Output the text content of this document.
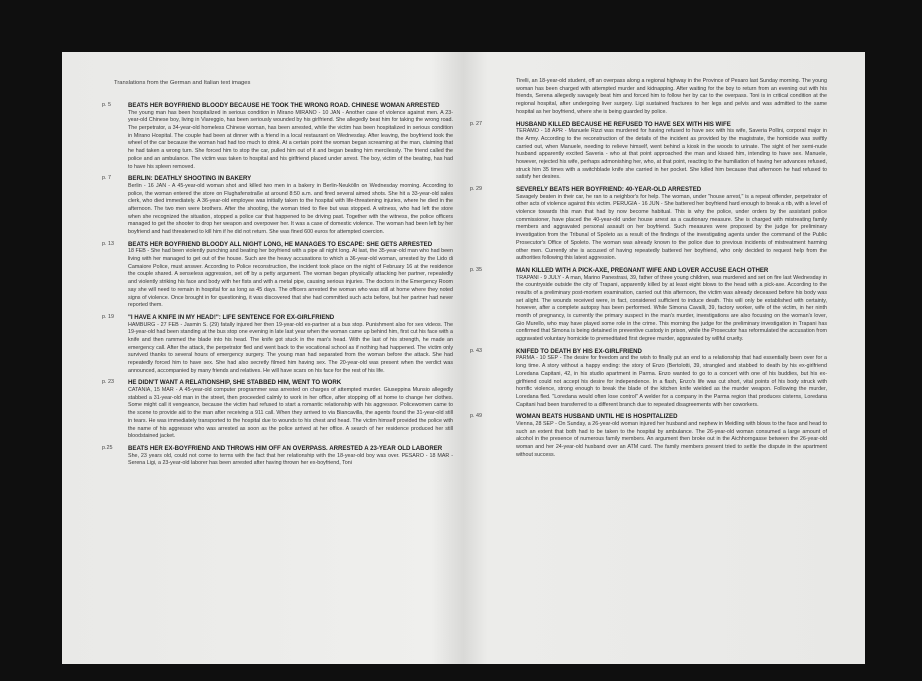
Translations from the German and Italian text images
p. 5	BEATS HER BOYFRIEND BLOODY BECAUSE HE TOOK THE WRONG ROAD. CHINESE WOMAN ARRESTED
The young man has been hospitalized in serious condition in Mirano MIRANO - 10 JAN - Another case of violence against men. A 23-year-old Chinese boy, living in Viareggio, has been seriously wounded by his girlfriend. She allegedly beat him for taking the wrong road. The perpetrator, a 34-year-old homeless Chinese woman, has been arrested, while the victim has been hospitalized in serious condition in Mirano Hospital. The couple had been at dinner with a friend in a local restaurant on Wednesday. After leaving, the boyfriend took the wheel of the car because the woman had had too much to drink. At a certain point the woman began screaming at the man, claiming that he had taken a wrong turn. She forced him to stop the car, pulled him out of it and began beating him mercilessly. The friend called the police and an ambulance. The victim was taken to hospital and his girlfriend placed under arrest. The boy, victim of the beating, has had to have his spleen removed.
p. 7	BERLIN: DEATHLY SHOOTING IN BAKERY
Berlin - 16 JAN - A 45-year-old woman shot and killed two men in a bakery in Berlin-Neukölln on Wednesday morning. According to police, the woman entered the store on Flughafenstraße at around 8:50 a.m. and fired several aimed shots. She hit a 33-year-old sales clerk, who died immediately. A 36-year-old employee was initially taken to the hospital with life-threatening injuries, where he died in the afternoon. The two men were brothers. After the shooting, the woman tried to flee but was stopped. A witness, who had left the store when she recognized the situation, stopped a police car that happened to be driving past. Together with the witness, the police officers managed to get the shooter to drop her weapon and overpower her. It was a case of domestic violence. The woman had been left by her boyfriend and had threatened to kill him if he did not return. She was fined 600 euros for attempted coercion.
p. 13 BEATS HER BOYFRIEND BLOODY ALL NIGHT LONG, HE MANAGES TO ESCAPE: SHE GETS ARRESTED
18 FEB - She had been violently punching and beating her boyfriend with a pipe all night long. At last, the 35-year-old man who had been living with her managed to get out of the house. Such are the heavy accusations to which a 36-year-old woman, arrested by the Lido di Camaiore Police, must answer. According to Police reconstruction, the incident took place on the night of February 16 at the residence the couple shared. A senseless aggression, set off by a petty argument. The woman began physically attacking her partner, repeatedly and violently striking his face and body with her fists and with a metal pipe, causing serious injuries. The doctors in the Emergency Room say she will need to remain in hospital for as long as 45 days. The officers arrested the woman who was still at home where they noted signs of violence. Once brought in for questioning, it was discovered that she had committed such acts before, but her partner had never reported them.
p. 19 "I HAVE A KNIFE IN MY HEAD!": LIFE SENTENCE FOR EX-GIRLFRIEND
HAMBURG - 27 FEB - Jasmin S. (29) fatally injured her then 19-year-old ex-partner at a bus stop. Punishment also for sex videos. The 19-year-old had been standing at the bus stop one evening in late last year when the woman came up behind him, first cut his face with a knife and then rammed the blade into his head. The knife got stuck in the man's head. With the last of his strength, he made an emergency call. After the attack, the perpetrator fled and went back to the vocational school as if nothing had happened. The victim only survived thanks to several hours of emergency surgery. The young man had separated from the woman before the attack. She had repeatedly forced him to have sex. She had also secretly filmed him having sex. The 20-year-old was present when the verdict was announced, accompanied by many friends and relatives. He will have scars on his face for the rest of his life.
p. 23 HE DIDN'T WANT A RELATIONSHIP, SHE STABBED HIM, WENT TO WORK
CATANIA, 15 MAR - A 45-year-old computer programmer was arrested on charges of attempted murder. Giuseppina Munsio allegedly stabbed a 31-year-old man in the street, then proceeded calmly to work in her office, after stopping off at home to change her clothes. Some might call it vengeance, because the victim had refused to start a romantic relationship with his aggressor. Policewomen came to the scene to provide aid to the man after receiving a 911 call. When they arrived to via Biancavilla, the agents found the 31-year-old still in tears. He was immediately transported to the hospital due to wounds to his chest and head. The victim himself provided the police with the name of his aggressor who was arrested as soon as the police arrived at her office. A search of her residence produced her still bloodstained jacket.
p.25	BEATS HER EX-BOYFRIEND AND THROWS HIM OFF AN OVERPASS. ARRESTED A 23-YEAR OLD LABORER
She, 23 years old, could not come to terms with the fact that her relationship with the 18-year-old boy was over. PESARO - 18 MAR - Serena Ligi, a 23-year-old laborer has been arrested after having thrown her ex-boyfriend, Toni
Tirelli, an 18-year-old student, off an overpass along a regional highway in the Province of Pesaro last Sunday morning. The young woman has been charged with attempted murder and kidnapping. After waiting for the boy to return from an evening out with his friends, Serena allegedly savagely beat him and forced him to follow her by car to the overpass. Toni is in critical condition at the regional hospital, after undergoing liver surgery. Ligi sustained fractures to her legs and pelvis and was admitted to the same hospital as her boyfriend, where she is being guarded by police.
p. 27	HUSBAND KILLED BECAUSE HE REFUSED TO HAVE SEX WITH HIS WIFE
TERAMO - 18 APR - Manuele Rizzi was murdered for having refused to have sex with his wife, Saveria Pollini, corporal major in the Army. According to the reconstruction of the details of the incident as provided by the magistrate, the homicide was swiftly carried out, when Manuele, needing to relieve himself, went behind a kiosk in the woods to urinate. The sight of her semi-nude husband apparently excited Saveria - who at that point approached the man and kissed him, intending to have sex. Manuele, however, rejected his wife, perhaps admonishing her, who, at that point, reacting to the humiliation of having her advances refused, struck him 35 times with a switchblade knife she carried in her pocket. She killed him because that afternoon he had refused to satisfy her desires.
p. 29	SEVERELY BEATS HER BOYFRIEND: 40-YEAR-OLD ARRESTED
Savagely beaten in their car, he ran to a neighbor's for help. The woman, under "house arrest," is a repeat offender, perpetrator of other acts of violence against this victim. PERUGIA - 16 JUN - She battered her boyfriend hard enough to break a rib, with a level of violence towards this man that had by now become habitual. This is why the police, under orders by the assistant police commissioner, have placed the 40-year-old under house arrest as a cautionary measure. She is charged with mistreating family members and aggravated personal assault on her boyfriend. Such measures were proposed by the judge for preliminary investigation from the Tribunal of Spoleto as a result of the findings of the investigating agents under the command of the Public Prosecutor's Office of Spoleto. The woman was already known to the police due to previous incidents of mistreatment harming other men. Currently she is accused of having repeatedly battered her boyfriend, who only decided to request help from the authorities following this latest aggression.
p. 35	MAN KILLED WITH A PICK-AXE, PREGNANT WIFE AND LOVER ACCUSE EACH OTHER
TRAPANI - 9 JULY - A man, Marino Panestrasi, 39, father of three young children, was murdered and set on fire last Wednesday in the countryside outside the city of Trapani, apparently killed by at least eight blows to the head with a pick-axe. According to the results of a preliminary post-mortem examination, carried out this afternoon, the victim was already deceased before his body was set alight. The wounds received were, in fact, considered sufficient to induce death. This will only be established with certainty, however, after a complete autopsy has been performed. While Simona Cavalli, 39, factory worker, wife of the victim, in her ninth month of pregnancy, is currently the primary suspect in the man's murder, investigations are also focusing on the woman's lover, Gio Murello, who may have played some role in the crime. This morning the judge for the preliminary investigation in Trapani has confirmed that Simona is being detained in preventive custody in prison, while the Prosecutor has reformulated the accusation from aggravated voluntary homicide to premeditated first degree murder, aggravated by willful cruelty.
p. 43	KNIFED TO DEATH BY HIS EX-GIRLFRIEND
PARMA - 10 SEP - The desire for freedom and the wish to finally put an end to a relationship that had essentially been over for a long time. A story without a happy ending: the story of Enzo (Bertolotti, 39, strangled and stabbed to death by his ex-girlfriend Loredana Capitani, 42, in his studio apartment in Parma. Enzo wanted to go to a concert with one of his buddies, but his ex-girlfriend could not accept his desire for independence. In a flash, Enzo's life was cut short, vital points of his body struck with horrific violence, strong enough to break the blade of the kitchen knife wielded as the murder weapon. Following the murder, Loredana fled. "Loredana would often lose control" A welder for a company in the Parma region that produces cisterns, Loredana Capitani had been transferred to a different branch due to repeated disagreements with her coworkers.
p. 49	WOMAN BEATS HUSBAND UNTIL HE IS HOSPITALIZED
Vienna, 28 SEP - On Sunday, a 26-year-old woman injured her husband and nephew in Meidling with blows to the face and head to such an extent that both had to be taken to the hospital by ambulance. The 26-year-old woman consumed a large amount of alcohol in the presence of numerous family members. An argument then broke out in the Aichhorngasse between the 26-year-old woman and her 24-year-old husband over an ATM card. The family members present tried to settle the dispute in the apartment without success.
